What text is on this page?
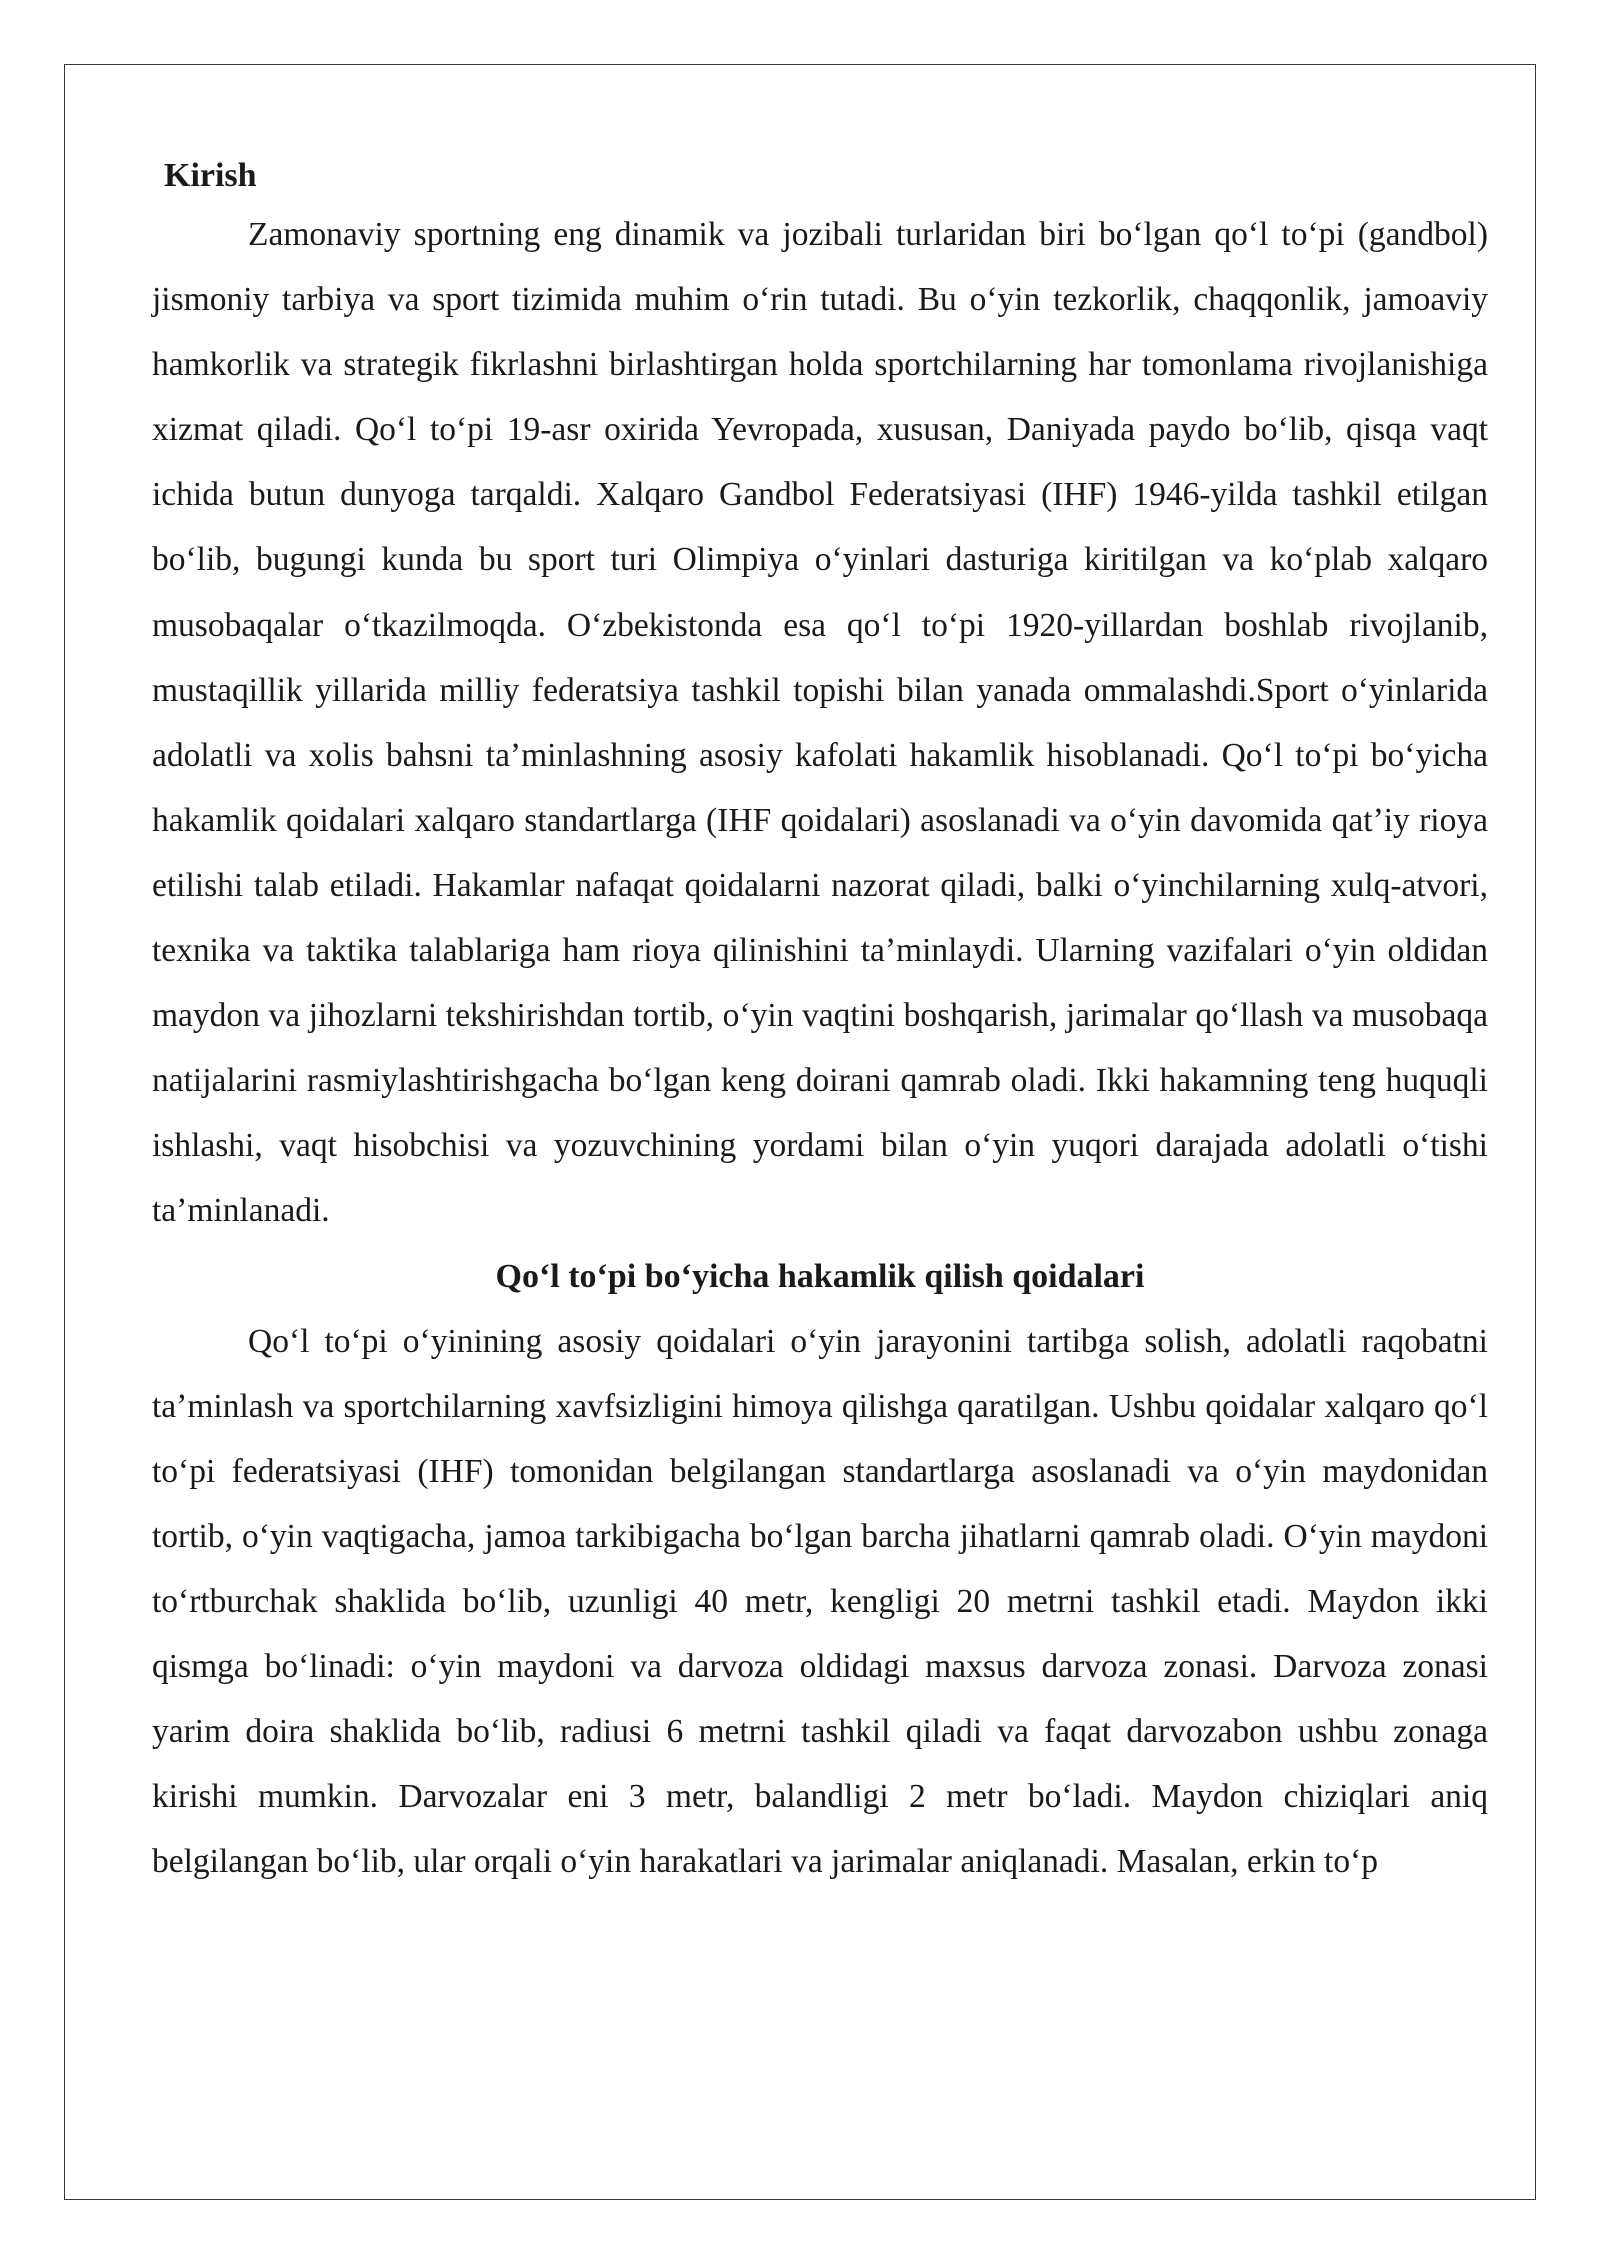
Kirish

Zamonaviy sportning eng dinamik va jozibali turlaridan biri boʻlgan qoʻl toʻpi (gandbol) jismoniy tarbiya va sport tizimida muhim oʻrin tutadi. Bu oʻyin tezkorlik, chaqqonlik, jamoaviy hamkorlik va strategik fikrlashni birlashtirgan holda sportchilarning har tomonlama rivojlanishiga xizmat qiladi. Qoʻl toʻpi 19-asr oxirida Yevropada, xususan, Daniyada paydo boʻlib, qisqa vaqt ichida butun dunyoga tarqaldi. Xalqaro Gandbol Federatsiyasi (IHF) 1946-yilda tashkil etilgan boʻlib, bugungi kunda bu sport turi Olimpiya oʻyinlari dasturiga kiritilgan va koʻplab xalqaro musobaqalar oʻtkazilmoqda. Oʻzbekistonda esa qoʻl toʻpi 1920-yillardan boshlab rivojlanib, mustaqillik yillarida milliy federatsiya tashkil topishi bilan yanada ommalashdi.Sport oʻyinlarida adolatli va xolis bahsni taʼminlashning asosiy kafolati hakamlik hisoblanadi. Qoʻl toʻpi boʻyicha hakamlik qoidalari xalqaro standartlarga (IHF qoidalari) asoslanadi va oʻyin davomida qatʼiy rioya etilishi talab etiladi. Hakamlar nafaqat qoidalarni nazorat qiladi, balki oʻyinchilarning xulq-atvori, texnika va taktika talablariga ham rioya qilinishini taʼminlaydi. Ularning vazifalari oʻyin oldidan maydon va jihozlarni tekshirishdan tortib, oʻyin vaqtini boshqarish, jarimalar qoʻllash va musobaqa natijalarini rasmiylashtirishgacha boʻlgan keng doirani qamrab oladi. Ikki hakamning teng huquqli ishlashi, vaqt hisobchisi va yozuvchining yordami bilan oʻyin yuqori darajada adolatli oʻtishi taʼminlanadi.

Qoʻl toʻpi boʻyicha hakamlik qilish qoidalari

Qoʻl toʻpi oʻyinining asosiy qoidalari oʻyin jarayonini tartibga solish, adolatli raqobatni taʼminlash va sportchilarning xavfsizligini himoya qilishga qaratilgan. Ushbu qoidalar xalqaro qoʻl toʻpi federatsiyasi (IHF) tomonidan belgilangan standartlarga asoslanadi va oʻyin maydonidan tortib, oʻyin vaqtigacha, jamoa tarkibigacha boʻlgan barcha jihatlarni qamrab oladi. Oʻyin maydoni toʻrtburchak shaklida boʻlib, uzunligi 40 metr, kengligi 20 metrni tashkil etadi. Maydon ikki qismga boʻlinadi: oʻyin maydoni va darvoza oldidagi maxsus darvoza zonasi. Darvoza zonasi yarim doira shaklida boʻlib, radiusi 6 metrni tashkil qiladi va faqat darvozabon ushbu zonaga kirishi mumkin. Darvozalar eni 3 metr, balandligi 2 metr boʻladi. Maydon chiziqlari aniq belgilangan boʻlib, ular orqali oʻyin harakatlari va jarimalar aniqlanadi. Masalan, erkin toʻp
